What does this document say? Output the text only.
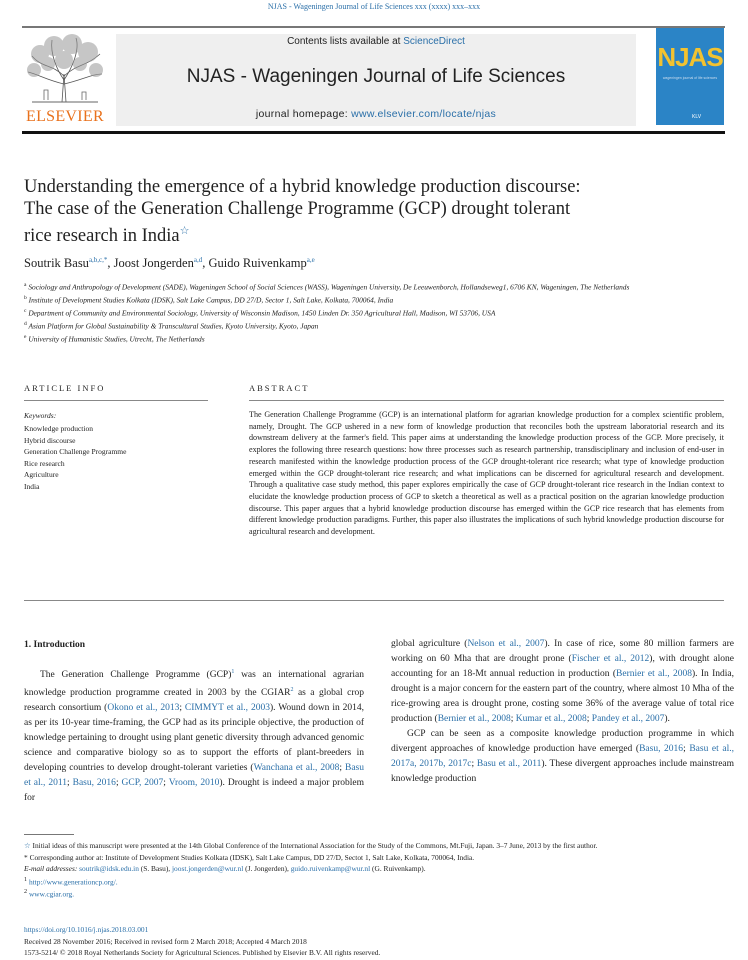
NJAS - Wageningen Journal of Life Sciences xxx (xxxx) xxx–xxx
ELSEVIER
Contents lists available at ScienceDirect
NJAS - Wageningen Journal of Life Sciences
journal homepage: www.elsevier.com/locate/njas
NJAS
wageningen journal of life sciences
KLV
Understanding the emergence of a hybrid knowledge production discourse:
The case of the Generation Challenge Programme (GCP) drought tolerant
rice research in India☆
Soutrik Basu$^{a,b,c,*}$, Joost Jongerden$^{a,d}$, Guido Ruivenkamp$^{a,e}$
$^a$ Sociology and Anthropology of Development (SADE), Wageningen School of Social Sciences (WASS), Wageningen University, De Leeuwenborch, Hollandseweg1, 6706 KN, Wageningen, The Netherlands
$^b$ Institute of Development Studies Kolkata (IDSK), Salt Lake Campus, DD 27/D, Sector 1, Salt Lake, Kolkata, 700064, India
$^c$ Department of Community and Environmental Sociology, University of Wisconsin Madison, 1450 Linden Dr. 350 Agricultural Hall, Madison, WI 53706, USA
$^d$ Asian Platform for Global Sustainability & Transcultural Studies, Kyoto University, Kyoto, Japan
$^e$ University of Humanistic Studies, Utrecht, The Netherlands
ARTICLE INFO	ABSTRACT
Keywords:
Knowledge production
Hybrid discourse
Generation Challenge Programme
Rice research
Agriculture
India
The Generation Challenge Programme (GCP) is an international platform for agrarian knowledge production for a complex scientific problem, namely, Drought. The GCP ushered in a new form of knowledge production that reconciles both the upstream laboratorial research and its downstream delivery at the farmer's field. This paper aims at understanding the knowledge production process of the GCP. More precisely, it explores the following three research questions: how three processes such as research partnership, transdisciplinary and inclusion of end-user in research manifested within the knowledge production process of the GCP drought-tolerant rice research; what type of knowledge production emerged within the GCP drought-tolerant rice research; and what implications can be discerned for agricultural research and development. Through a qualitative case study method, this paper explores empirically the case of GCP drought-tolerant rice research in the Indian context to elucidate the knowledge production process of GCP to sketch a theoretical as well as a practical position on the agrarian knowledge production discourse. This paper argues that a hybrid knowledge production discourse has emerged within the GCP rice research that has elements from different knowledge production paradigms. Further, this paper also illustrates the implications of such hybrid knowledge production discourse for agricultural research and development.
1. Introduction

The Generation Challenge Programme (GCP)$^1$ was an international agrarian knowledge production programme created in 2003 by the CGIAR$^2$ as a global crop research consortium (Okono et al., 2013; CIMMYT et al., 2003). Wound down in 2014, as per its 10-year time-framing, the GCP had as its principle objective, the production of knowledge pertaining to drought using plant genetic diversity through advanced genomic science and comparative biology so as to support the efforts of plant-breeders in developing countries to develop drought-tolerant varieties (Wanchana et al., 2008; Basu et al., 2011; Basu, 2016; GCP, 2007; Vroom, 2010). Drought is indeed a major problem for

global agriculture (Nelson et al., 2007). In case of rice, some 80 million farmers are working on 60 Mha that are drought prone (Fischer et al., 2012), with drought alone accounting for an 18-Mt annual reduction in production (Bernier et al., 2008). In India, drought is a major concern for the eastern part of the country, where almost 10 Mha of the rice-growing area is drought prone, costing some 36% of the average value of total rice production (Bernier et al., 2008; Kumar et al., 2008; Pandey et al., 2007).

GCP can be seen as a composite knowledge production programme in which divergent approaches of knowledge production have emerged (Basu, 2016; Basu et al., 2017a, 2017b, 2017c; Basu et al., 2011). These divergent approaches include mainstream knowledge production

☆ Initial ideas of this manuscript were presented at the 14th Global Conference of the International Association for the Study of the Commons, Mt.Fuji, Japan. 3–7 June, 2013 by the first author.
* Corresponding author at: Institute of Development Studies Kolkata (IDSK), Salt Lake Campus, DD 27/D, Sectot 1, Salt Lake, Kolkata, 700064, India.
E-mail addresses: soutrik@idsk.edu.in (S. Basu), joost.jongerden@wur.nl (J. Jongerden), guido.ruivenkamp@wur.nl (G. Ruivenkamp).
$^1$ http://www.generationcp.org/.
$^2$ www.cgiar.org.
https://doi.org/10.1016/j.njas.2018.03.001
Received 28 November 2016; Received in revised form 2 March 2018; Accepted 4 March 2018
1573-5214/ © 2018 Royal Netherlands Society for Agricultural Sciences. Published by Elsevier B.V. All rights reserved.
